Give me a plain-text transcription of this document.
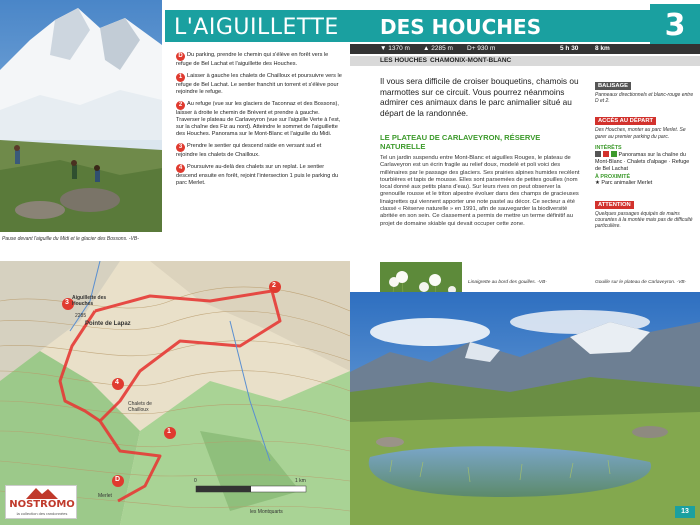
Pause devant l'aiguille du Midi et le glacier des Bossons. -VB-
L'AIGUILLETTE
D Du parking, prendre le chemin qui s'élève en forêt vers le refuge de Bel Lachat et l'aiguillette des Houches.
1 Laisser à gauche les chalets de Chailloux et poursuivre vers le refuge de Bel Lachat. Le sentier franchit un torrent et s'élève pour rejoindre le refuge.
2 Au refuge (vue sur les glaciers de Taconnaz et des Bossons), laisser à droite le chemin de Brévent et prendre à gauche. Traverser le plateau de Carlaveyron (vue sur l'aiguille Verte à l'est, sur la chaîne des Fiz au nord). Atteindre le sommet de l'aiguillette des Houches. Panorama sur le Mont-Blanc et l'aiguille du Midi.
3 Prendre le sentier qui descend raide en versant sud et rejoindre les chalets de Chailloux.
4 Poursuivre au-delà des chalets sur un replat. Le sentier descend ensuite en forêt, rejoint l'intersection 1 puis le parking du parc Merlet.
3
2
4
1
D
Aiguillette des Houches
2285
Pointe de Lapaz
Chalets de Chailloux
Merlet
les Montquarts
0	1 km
NOSTROMO
la collection des randonnées
DES HOUCHES	3
▼ 1370 m ▲ 2285 m D+ 930 m	5 h 30	8 km
LES HOUCHES CHAMONIX-MONT-BLANC
Il vous sera difficile de croiser bouquetins, chamois ou marmottes sur ce circuit. Vous pourrez néanmoins admirer ces animaux dans le parc animalier situé au départ de la randonnée.
LE PLATEAU DE CARLAVEYRON, RÉSERVE NATURELLE
Tel un jardin suspendu entre Mont-Blanc et aiguilles Rouges, le plateau de Carlaveyron est un écrin fragile au relief doux, modelé et poli voici des millénaires par le passage des glaciers. Ses prairies alpines humides recèlent tourbières et tapis de mousse. Elles sont parsemées de petites gouilles (nom local donné aux petits plans d'eau). Sur leurs rives on peut observer la grenouille rousse et le triton alpestre évoluer dans des champs de gracieuses linaigrettes qui viennent apporter une note pastel au décor. Ce secteur a été classé « Réserve naturelle » en 1991, afin de sauvegarder la biodiversité abritée en son sein. Ce classement a permis de mettre un terme définitif au projet de domaine skiable qui devait occuper cette zone.
BALISAGE
Panneaux directionnels et blanc-rouge entre D et 2.
ACCÈS AU DÉPART
Des Houches, monter au parc Merlet. Se garer au premier parking du parc.
INTÉRÊTS
Panoramas sur la chaîne du Mont-Blanc · Chalets d'alpage · Refuge de Bel Lachat
À PROXIMITÉ
★ Parc animalier Merlet
ATTENTION
Quelques passages équipés de mains courantes à la montée mais pas de difficulté particulière.
Linaigrette au bord des gouilles. -VB-	Gouille sur le plateau de Carlaveyron. -VB-
13
